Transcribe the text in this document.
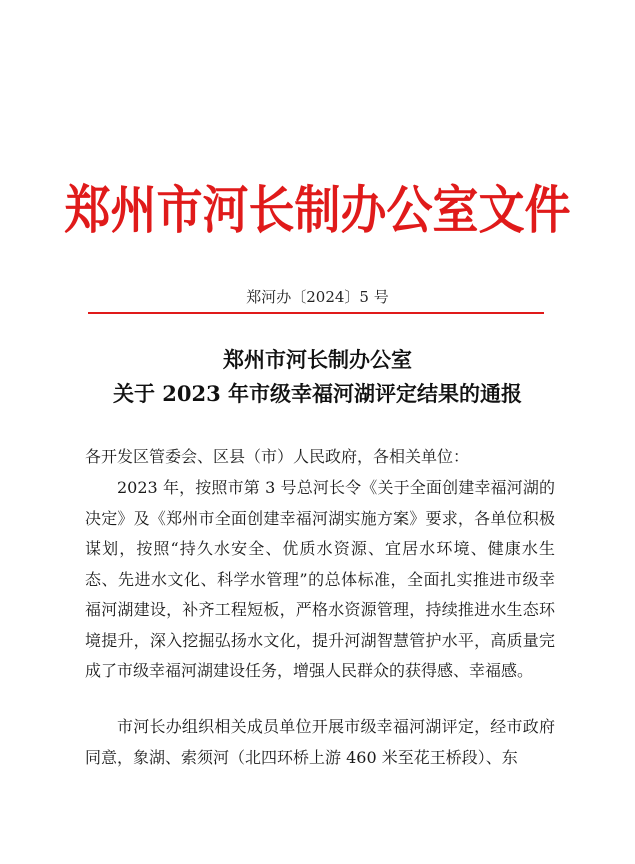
郑州市河长制办公室文件
郑河办〔2024〕5 号
郑州市河长制办公室
关于 2023 年市级幸福河湖评定结果的通报
各开发区管委会、区县（市）人民政府，各相关单位：
2023 年，按照市第 3 号总河长令《关于全面创建幸福河湖的决定》及《郑州市全面创建幸福河湖实施方案》要求，各单位积极谋划，按照“持久水安全、优质水资源、宜居水环境、健康水生态、先进水文化、科学水管理”的总体标准，全面扎实推进市级幸福河湖建设，补齐工程短板，严格水资源管理，持续推进水生态环境提升，深入挖掘弘扬水文化，提升河湖智慧管护水平，高质量完成了市级幸福河湖建设任务，增强人民群众的获得感、幸福感。
市河长办组织相关成员单位开展市级幸福河湖评定，经市政府同意，象湖、索须河（北四环桥上游 460 米至花王桥段）、东
